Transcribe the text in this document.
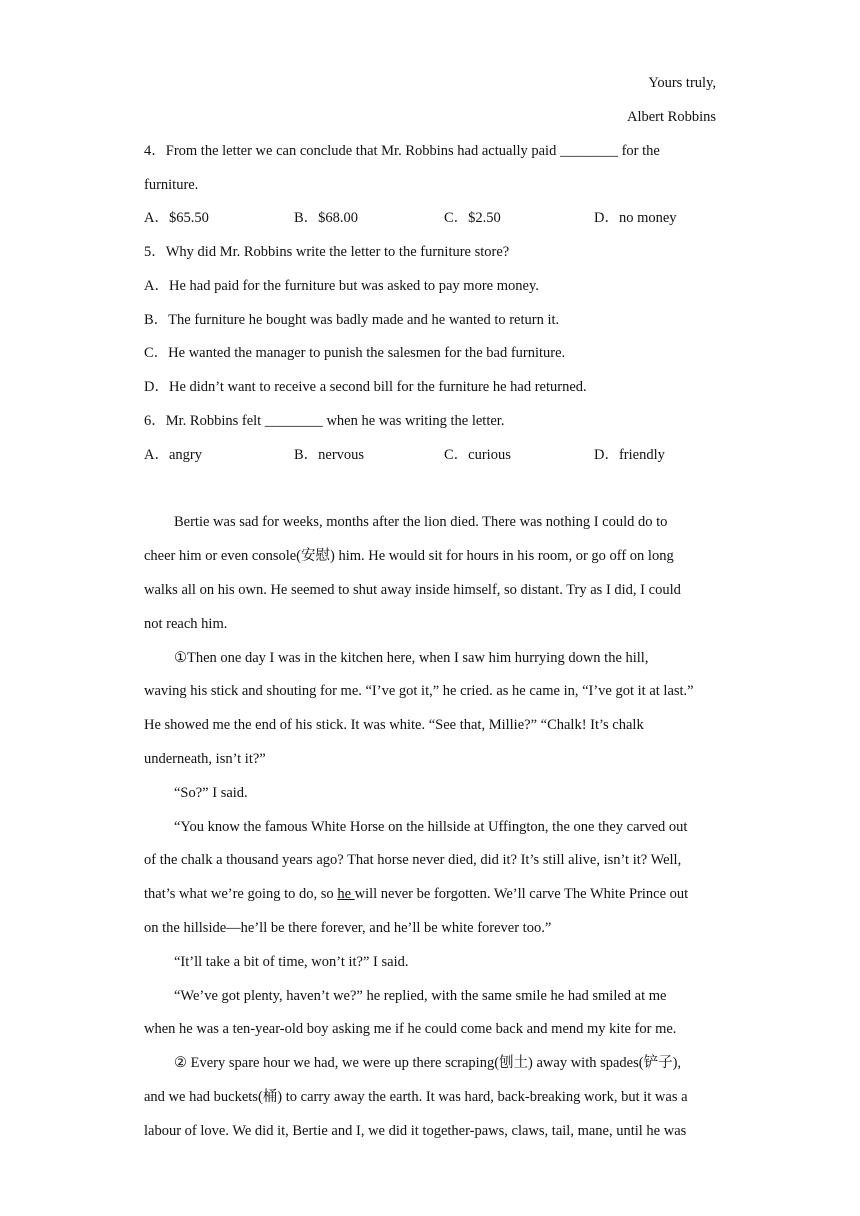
Yours truly,
Albert Robbins
4．From the letter we can conclude that Mr. Robbins had actually paid ________ for the
furniture.
A．$65.50	B．$68.00	C．$2.50	D．no money
5．Why did Mr. Robbins write the letter to the furniture store?
A．He had paid for the furniture but was asked to pay more money.
B．The furniture he bought was badly made and he wanted to return it.
C．He wanted the manager to punish the salesmen for the bad furniture.
D．He didn’t want to receive a second bill for the furniture he had returned.
6．Mr. Robbins felt ________ when he was writing the letter.
A．angry	B．nervous	C．curious	D．friendly
Bertie was sad for weeks, months after the lion died. There was nothing I could do to
cheer him or even console(安慰) him. He would sit for hours in his room, or go off on long
walks all on his own. He seemed to shut away inside himself, so distant. Try as I did, I could
not reach him.
①Then one day I was in the kitchen here, when I saw him hurrying down the hill,
waving his stick and shouting for me. “I’ve got it,” he cried. as he came in, “I’ve got it at last.”
He showed me the end of his stick. It was white. “See that, Millie?” “Chalk! It’s chalk
underneath, isn’t it?”
“So?” I said.
“You know the famous White Horse on the hillside at Uffington, the one they carved out
of the chalk a thousand years ago? That horse never died, did it? It’s still alive, isn’t it? Well,
that’s what we’re going to do, so he will never be forgotten. We’ll carve The White Prince out
on the hillside—he’ll be there forever, and he’ll be white forever too.”
“It’ll take a bit of time, won’t it?” I said.
“We’ve got plenty, haven’t we?” he replied, with the same smile he had smiled at me
when he was a ten-year-old boy asking me if he could come back and mend my kite for me.
② Every spare hour we had, we were up there scraping(刨土) away with spades(铲子),
and we had buckets(桶) to carry away the earth. It was hard, back-breaking work, but it was a
labour of love. We did it, Bertie and I, we did it together-paws, claws, tail, mane, until he was
